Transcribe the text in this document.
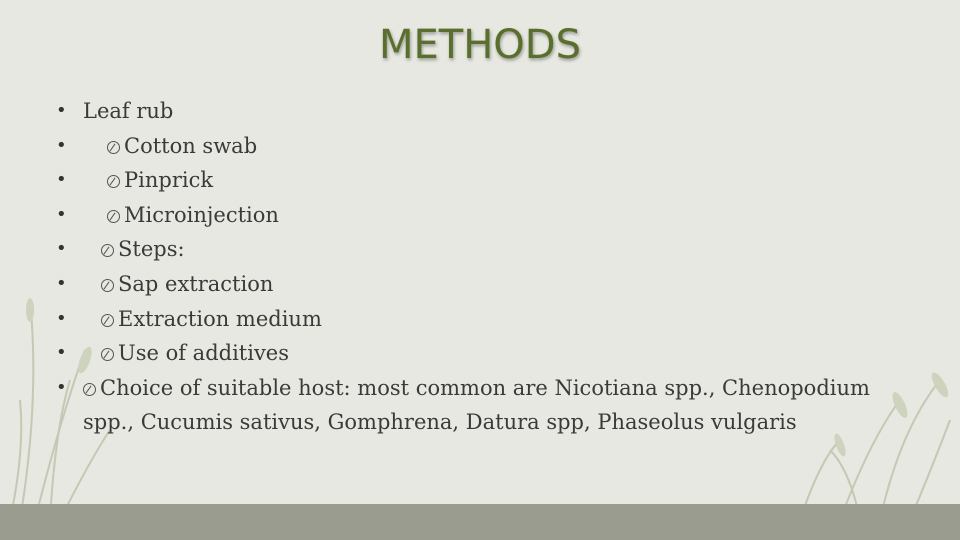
METHODS
• Leaf rub
•	Cotton swab
•	Pinprick
•	Microinjection
• Steps:
• Sap extraction
• Extraction medium
• Use of additives
• Choice of suitable host: most common are Nicotiana spp., Chenopodium spp., Cucumis sativus, Gomphrena, Datura spp, Phaseolus vulgaris
